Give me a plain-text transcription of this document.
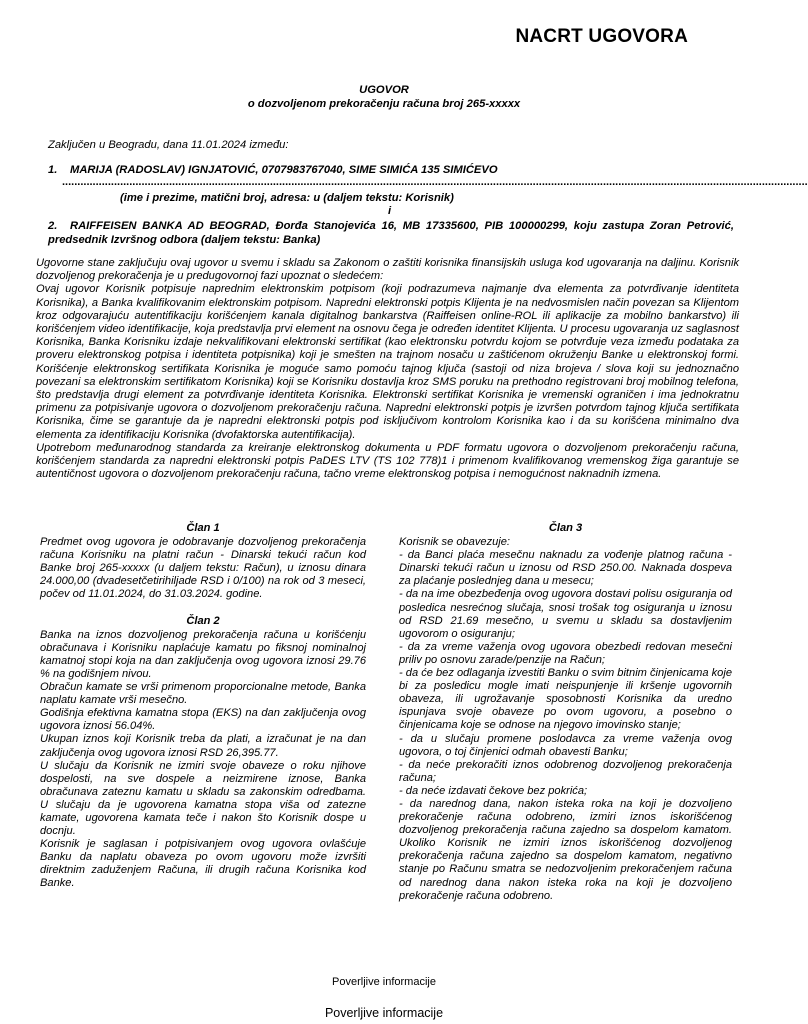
NACRT UGOVORA
UGOVOR
o dozvoljenom prekoračenju računa broj 265-xxxxx
Zaključen u Beogradu, dana 11.01.2024 između:
1. MARIJA (RADOSLAV) IGNJATOVIĆ, 0707983767040, SIME SIMIĆA 135 SIMIĆEVO
....................................................................................................................................................................................................................................................
(ime i prezime, matični broj, adresa: u (daljem tekstu: Korisnik)
i
2. RAIFFEISEN BANKA AD BEOGRAD, Đorđa Stanojevića 16, MB 17335600, PIB 100000299, koju zastupa Zoran Petrović, predsednik Izvršnog odbora (dalјem tekstu: Banka)

Ugovorne stane zaključuju ovaj ugovor u svemu i skladu sa Zakonom o zaštiti korisnika finansijskih usluga kod ugovaranja na daljinu. Korisnik dozvoljenog prekoračenja je u predugovornoj fazi upoznat o sledećem:

Ovaj ugovor Korisnik potpisuje naprednim elektronskim potpisom (koji podrazumeva najmanje dva elementa za potvrđivanje identiteta Korisnika), a Banka kvalifikovanim elektronskim potpisom. Napredni elektronski potpis Klijenta je na nedvosmislen način povezan sa Klijentom kroz odgovarajuću autentifikaciju korišćenjem kanala digitalnog bankarstva (Raiffeisen online-ROL ili aplikacije za mobilno bankarstvo) ili korišćenjem video identifikacije, koja predstavlja prvi element na osnovu čega je određen identitet Klijenta. U procesu ugovaranja uz saglasnost Korisnika, Banka Korisniku izdaje nekvalifikovani elektronski sertifikat (kao elektronsku potvrdu kojom se potvrđuje veza između podataka za proveru elektronskog potpisa i identiteta potpisnika) koji je smešten na trajnom nosaču u zaštićenom okruženju Banke u elektronskoj formi. Korišćenje elektronskog sertifikata Korisnika je moguće samo pomoću tajnog ključa (sastoji od niza brojeva / slova koji su jednoznačno povezani sa elektronskim sertifikatom Korisnika) koji se Korisniku dostavlja kroz SMS poruku na prethodno registrovani broj mobilnog telefona, što predstavlja drugi element za potvrđivanje identiteta Korisnika. Elektronski sertifikat Korisnika je vremenski ograničen i ima jednokratnu primenu za potpisivanje ugovora o dozvoljenom prekoračenju računa. Napredni elektronski potpis je izvršen potvrdom tajnog ključa sertifikata Korisnika, čime se garantuje da je napredni elektronski potpis pod isključivom kontrolom Korisnika kao i da su korišćena minimalno dva elementa za identifikaciju Korisnika (dvofaktorska autentifikacija).

Upotrebom međunarodnog standarda za kreiranje elektronskog dokumenta u PDF formatu ugovora o dozvoljenom prekoračenju računa, korišćenjem standarda za napredni elektronski potpis PaDES LTV (TS 102 778)1 i primenom kvalifikovanog vremenskog žiga garantuje se autentičnost ugovora o dozvoljenom prekoračenju računa, tačno vreme elektronskog potpisa i nemogućnost naknadnih izmena.

Član 1

Predmet ovog ugovora je odobravanje dozvoljenog prekoračenja računa Korisniku na platni račun - Dinarski tekući račun kod Banke broj 265-xxxxx (u daljem tekstu: Račun), u iznosu dinara 24.000,00 (dvadesetčetirihiljade RSD i 0/100) na rok od 3 meseci, počev od 11.01.2024, do 31.03.2024. godine.

Član 2

Banka na iznos dozvoljenog prekoračenja računa u korišćenju obračunava i Korisniku naplaćuje kamatu po fiksnoj nominalnoj kamatnoj stopi koja na dan zaključenja ovog ugovora iznosi 29.76 % na godišnjem nivou.

Obračun kamate se vrši primenom proporcionalne metode, Banka naplatu kamate vrši mesečno.

Godišnja efektivna kamatna stopa (EKS) na dan zaključenja ovog ugovora iznosi 56.04%.

Ukupan iznos koji Korisnik treba da plati, a izračunat je na dan zaključenja ovog ugovora iznosi RSD 26,395.77.

U slučaju da Korisnik ne izmiri svoje obaveze o roku njihove dospelosti, na sve dospele a neizmirene iznose, Banka obračunava zateznu kamatu u skladu sa zakonskim odredbama. U slučaju da je ugovorena kamatna stopa viša od zatezne kamate, ugovorena kamata teče i nakon što Korisnik dospe u docnju.

Korisnik je saglasan i potpisivanjem ovog ugovora ovlašćuje Banku da naplatu obaveza po ovom ugovoru može izvršiti direktnim zaduženjem Računa, ili drugih računa Korisnika kod Banke.

Član 3

Korisnik se obavezuje:

- da Banci plaća mesečnu naknadu za vođenje platnog računa - Dinarski tekući račun u iznosu od RSD 250.00. Naknada dospeva za plaćanje poslednjeg dana u mesecu;

- da na ime obezbeđenja ovog ugovora dostavi polisu osiguranja od posledica nesrećnog slučaja, snosi trošak tog osiguranja u iznosu od RSD 21.69 mesečno, u svemu u skladu sa dostavljenim ugovorom o osiguranju;

- da za vreme važenja ovog ugovora obezbedi redovan mesečni priliv po osnovu zarade/penzije na Račun;

- da će bez odlaganja izvestiti Banku o svim bitnim činjenicama koje bi za posledicu mogle imati neispunjenje ili kršenje ugovornih obaveza, ili ugrožavanje sposobnosti Korisnika da uredno ispunjava svoje obaveze po ovom ugovoru, a posebno o činjenicama koje se odnose na njegovo imovinsko stanje;

- da u slučaju promene poslodavca za vreme važenja ovog ugovora, o toj činjenici odmah obavesti Banku;

- da neće prekoračiti iznos odobrenog dozvoljenog prekoračenja računa;

- da neće izdavati čekove bez pokrića;

- da narednog dana, nakon isteka roka na koji je dozvoljeno prekoračenje računa odobreno, izmiri iznos iskorišćenog dozvoljenog prekoračenja računa zajedno sa dospelom kamatom. Ukoliko Korisnik ne izmiri iznos iskorišćenog dozvoljenog prekoračenja računa zajedno sa dospelom kamatom, negativno stanje po Računu smatra se nedozvoljenim prekoračenjem računa od narednog dana nakon isteka roka na koji je dozvoljeno prekoračenje računa odobreno.

Poverljive informacije
Poverljive informacije
